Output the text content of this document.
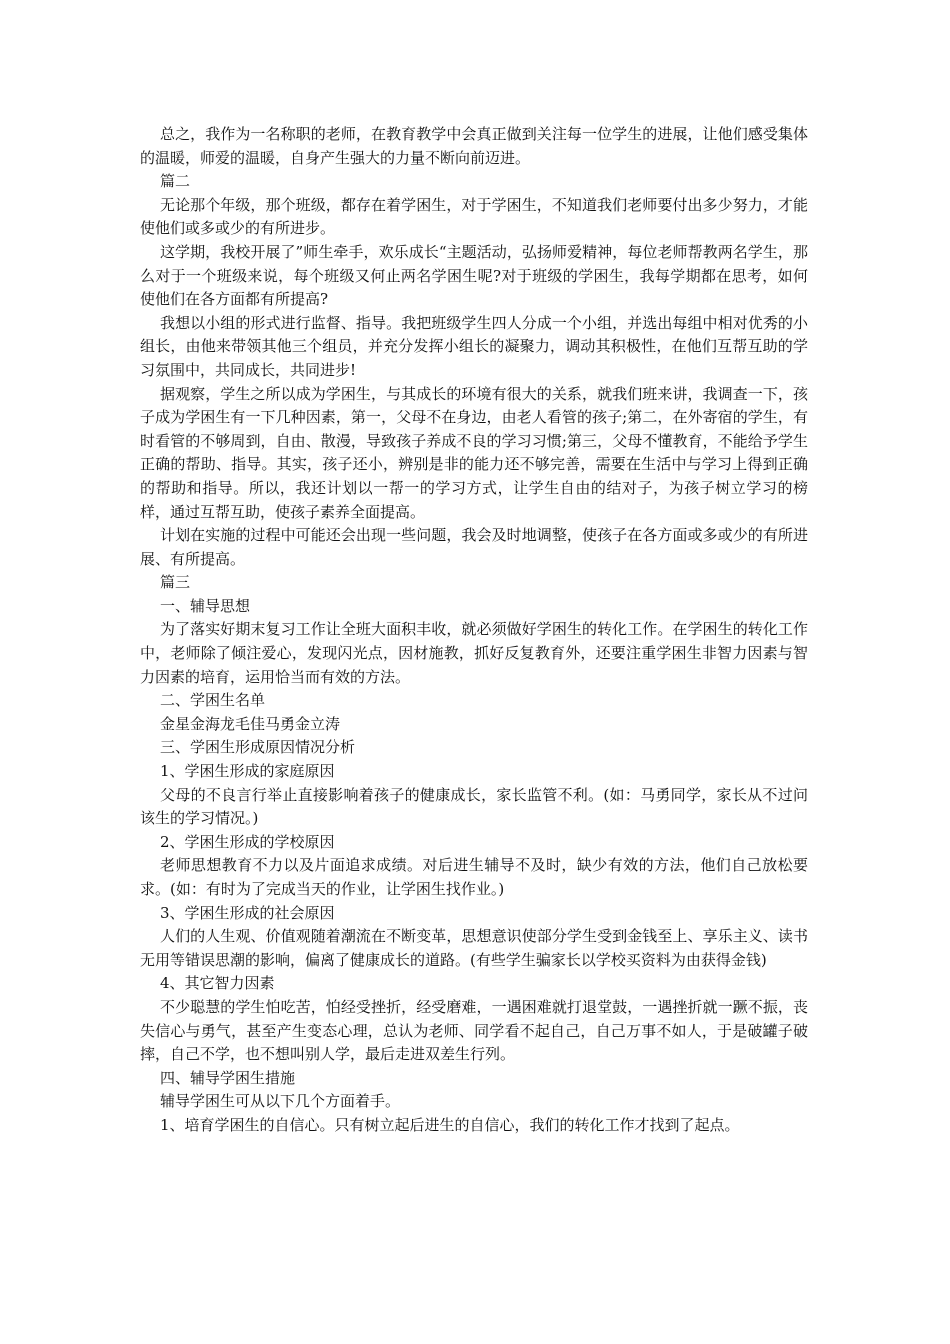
总之，我作为一名称职的老师，在教育教学中会真正做到关注每一位学生的进展，让他们感受集体的温暖，师爱的温暖，自身产生强大的力量不断向前迈进。

篇二

无论那个年级，那个班级，都存在着学困生，对于学困生，不知道我们老师要付出多少努力，才能使他们或多或少的有所进步。

这学期，我校开展了”师生牵手，欢乐成长“主题活动，弘扬师爱精神，每位老师帮教两名学生，那么对于一个班级来说，每个班级又何止两名学困生呢?对于班级的学困生，我每学期都在思考，如何使他们在各方面都有所提高?

我想以小组的形式进行监督、指导。我把班级学生四人分成一个小组，并选出每组中相对优秀的小组长，由他来带领其他三个组员，并充分发挥小组长的凝聚力，调动其积极性，在他们互帮互助的学习氛围中，共同成长，共同进步!

据观察，学生之所以成为学困生，与其成长的环境有很大的关系，就我们班来讲，我调查一下，孩子成为学困生有一下几种因素，第一，父母不在身边，由老人看管的孩子;第二，在外寄宿的学生，有时看管的不够周到，自由、散漫，导致孩子养成不良的学习习惯;第三，父母不懂教育，不能给予学生正确的帮助、指导。其实，孩子还小，辨别是非的能力还不够完善，需要在生活中与学习上得到正确的帮助和指导。所以，我还计划以一帮一的学习方式，让学生自由的结对子，为孩子树立学习的榜样，通过互帮互助，使孩子素养全面提高。

计划在实施的过程中可能还会出现一些问题，我会及时地调整，使孩子在各方面或多或少的有所进展、有所提高。

篇三

一、辅导思想

为了落实好期末复习工作让全班大面积丰收，就必须做好学困生的转化工作。在学困生的转化工作中，老师除了倾注爱心，发现闪光点，因材施教，抓好反复教育外，还要注重学困生非智力因素与智力因素的培育，运用恰当而有效的方法。

二、学困生名单

金星金海龙毛佳马勇金立涛

三、学困生形成原因情况分析

1、学困生形成的家庭原因

父母的不良言行举止直接影响着孩子的健康成长，家长监管不利。(如：马勇同学，家长从不过问该生的学习情况。)

2、学困生形成的学校原因

老师思想教育不力以及片面追求成绩。对后进生辅导不及时，缺少有效的方法，他们自己放松要求。(如：有时为了完成当天的作业，让学困生找作业。)

3、学困生形成的社会原因

人们的人生观、价值观随着潮流在不断变革，思想意识使部分学生受到金钱至上、享乐主义、读书无用等错误思潮的影响，偏离了健康成长的道路。(有些学生骗家长以学校买资料为由获得金钱)

4、其它智力因素

不少聪慧的学生怕吃苦，怕经受挫折，经受磨难，一遇困难就打退堂鼓，一遇挫折就一蹶不振，丧失信心与勇气，甚至产生变态心理，总认为老师、同学看不起自己，自己万事不如人，于是破罐子破摔，自己不学，也不想叫别人学，最后走进双差生行列。

四、辅导学困生措施

辅导学困生可从以下几个方面着手。

1、培育学困生的自信心。只有树立起后进生的自信心，我们的转化工作才找到了起点。
